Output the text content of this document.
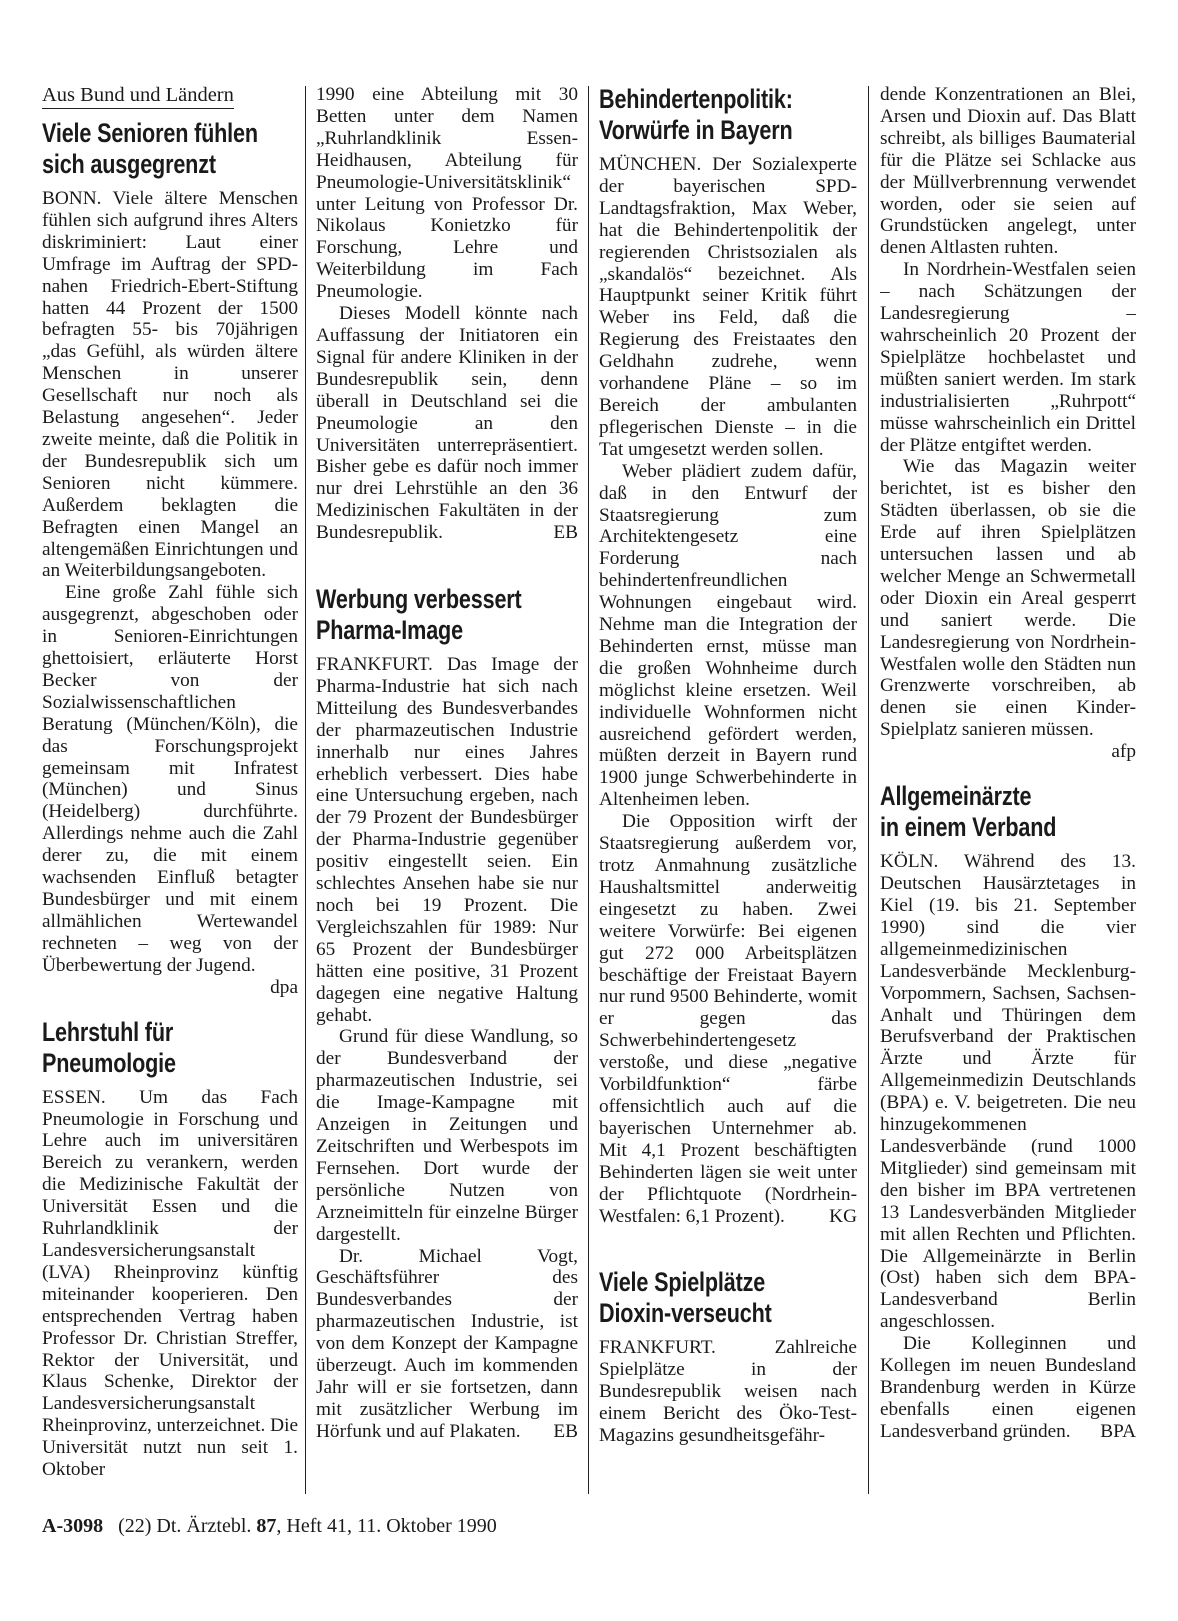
Aus Bund und Ländern
Viele Senioren fühlen
sich ausgegrenzt

BONN. Viele ältere Menschen fühlen sich aufgrund ihres Alters diskriminiert: Laut einer Umfrage im Auftrag der SPD-nahen Friedrich-Ebert-Stiftung hatten 44 Prozent der 1500 befragten 55- bis 70jährigen „das Gefühl, als würden ältere Menschen in unserer Gesellschaft nur noch als Belastung angesehen“. Jeder zweite meinte, daß die Politik in der Bundesrepublik sich um Senioren nicht kümmere. Außerdem beklagten die Befragten einen Mangel an altengemäßen Einrichtungen und an Weiterbildungsangeboten.

Eine große Zahl fühle sich ausgegrenzt, abgeschoben oder in Senioren-Einrichtungen ghettoisiert, erläuterte Horst Becker von der Sozialwissenschaftlichen Beratung (München/Köln), die das Forschungsprojekt gemeinsam mit Infratest (München) und Sinus (Heidelberg) durchführte. Allerdings nehme auch die Zahl derer zu, die mit einem wachsenden Einfluß betagter Bundesbürger und mit einem allmählichen Wertewandel rechneten – weg von der Überbewertung der Jugend.
dpa

Lehrstuhl für
Pneumologie

ESSEN. Um das Fach Pneumologie in Forschung und Lehre auch im universitären Bereich zu verankern, werden die Medizinische Fakultät der Universität Essen und die Ruhrlandklinik der Landesversicherungsanstalt (LVA) Rheinprovinz künftig miteinander kooperieren. Den entsprechenden Vertrag haben Professor Dr. Christian Streffer, Rektor der Universität, und Klaus Schenke, Direktor der Landesversicherungsanstalt Rheinprovinz, unterzeichnet. Die Universität nutzt nun seit 1. Oktober

1990 eine Abteilung mit 30 Betten unter dem Namen „Ruhrlandklinik Essen-Heidhausen, Abteilung für Pneumologie-Universitätsklinik“ unter Leitung von Professor Dr. Nikolaus Konietzko für Forschung, Lehre und Weiterbildung im Fach Pneumologie.

Dieses Modell könnte nach Auffassung der Initiatoren ein Signal für andere Kliniken in der Bundesrepublik sein, denn überall in Deutschland sei die Pneumologie an den Universitäten unterrepräsentiert. Bisher gebe es dafür noch immer nur drei Lehrstühle an den 36 Medizinischen Fakultäten in der Bundesrepublik.	EB

Werbung verbessert
Pharma-Image

FRANKFURT. Das Image der Pharma-Industrie hat sich nach Mitteilung des Bundesverbandes der pharmazeutischen Industrie innerhalb nur eines Jahres erheblich verbessert. Dies habe eine Untersuchung ergeben, nach der 79 Prozent der Bundesbürger der Pharma-Industrie gegenüber positiv eingestellt seien. Ein schlechtes Ansehen habe sie nur noch bei 19 Prozent. Die Vergleichszahlen für 1989: Nur 65 Prozent der Bundesbürger hätten eine positive, 31 Prozent dagegen eine negative Haltung gehabt.

Grund für diese Wandlung, so der Bundesverband der pharmazeutischen Industrie, sei die Image-Kampagne mit Anzeigen in Zeitungen und Zeitschriften und Werbespots im Fernsehen. Dort wurde der persönliche Nutzen von Arzneimitteln für einzelne Bürger dargestellt.

Dr. Michael Vogt, Geschäftsführer des Bundesverbandes der pharmazeutischen Industrie, ist von dem Konzept der Kampagne überzeugt. Auch im kommenden Jahr will er sie fortsetzen, dann mit zusätzlicher Werbung im Hörfunk und auf Plakaten.	EB

Behindertenpolitik:
Vorwürfe in Bayern

MÜNCHEN. Der Sozialexperte der bayerischen SPD-Landtagsfraktion, Max Weber, hat die Behindertenpolitik der regierenden Christsozialen als „skandalös“ bezeichnet. Als Hauptpunkt seiner Kritik führt Weber ins Feld, daß die Regierung des Freistaates den Geldhahn zudrehe, wenn vorhandene Pläne – so im Bereich der ambulanten pflegerischen Dienste – in die Tat umgesetzt werden sollen.

Weber plädiert zudem dafür, daß in den Entwurf der Staatsregierung zum Architektengesetz eine Forderung nach behindertenfreundlichen Wohnungen eingebaut wird. Nehme man die Integration der Behinderten ernst, müsse man die großen Wohnheime durch möglichst kleine ersetzen. Weil individuelle Wohnformen nicht ausreichend gefördert werden, müßten derzeit in Bayern rund 1900 junge Schwerbehinderte in Altenheimen leben.

Die Opposition wirft der Staatsregierung außerdem vor, trotz Anmahnung zusätzliche Haushaltsmittel anderweitig eingesetzt zu haben. Zwei weitere Vorwürfe: Bei eigenen gut 272 000 Arbeitsplätzen beschäftige der Freistaat Bayern nur rund 9500 Behinderte, womit er gegen das Schwerbehindertengesetz verstoße, und diese „negative Vorbildfunktion“ färbe offensichtlich auch auf die bayerischen Unternehmer ab. Mit 4,1 Prozent beschäftigten Behinderten lägen sie weit unter der Pflichtquote (Nordrhein-Westfalen: 6,1 Prozent).	KG

Viele Spielplätze
Dioxin-verseucht

FRANKFURT. Zahlreiche Spielplätze in der Bundesrepublik weisen nach einem Bericht des Öko-Test-Magazins gesundheitsgefähr-

dende Konzentrationen an Blei, Arsen und Dioxin auf. Das Blatt schreibt, als billiges Baumaterial für die Plätze sei Schlacke aus der Müllverbrennung verwendet worden, oder sie seien auf Grundstücken angelegt, unter denen Altlasten ruhten.

In Nordrhein-Westfalen seien – nach Schätzungen der Landesregierung – wahrscheinlich 20 Prozent der Spielplätze hochbelastet und müßten saniert werden. Im stark industrialisierten „Ruhrpott“ müsse wahrscheinlich ein Drittel der Plätze entgiftet werden.

Wie das Magazin weiter berichtet, ist es bisher den Städten überlassen, ob sie die Erde auf ihren Spielplätzen untersuchen lassen und ab welcher Menge an Schwermetall oder Dioxin ein Areal gesperrt und saniert werde. Die Landesregierung von Nordrhein-Westfalen wolle den Städten nun Grenzwerte vorschreiben, ab denen sie einen Kinder-Spielplatz sanieren müssen.
afp

Allgemeinärzte
in einem Verband

KÖLN. Während des 13. Deutschen Hausärztetages in Kiel (19. bis 21. September 1990) sind die vier allgemeinmedizinischen Landesverbände Mecklenburg-Vorpommern, Sachsen, Sachsen-Anhalt und Thüringen dem Berufsverband der Praktischen Ärzte und Ärzte für Allgemeinmedizin Deutschlands (BPA) e. V. beigetreten. Die neu hinzugekommenen Landesverbände (rund 1000 Mitglieder) sind gemeinsam mit den bisher im BPA vertretenen 13 Landesverbänden Mitglieder mit allen Rechten und Pflichten. Die Allgemeinärzte in Berlin (Ost) haben sich dem BPA-Landesverband Berlin angeschlossen.

Die Kolleginnen und Kollegen im neuen Bundesland Brandenburg werden in Kürze ebenfalls einen eigenen Landesverband gründen.	BPA

A-3098 (22) Dt. Ärztebl. 87, Heft 41, 11. Oktober 1990
